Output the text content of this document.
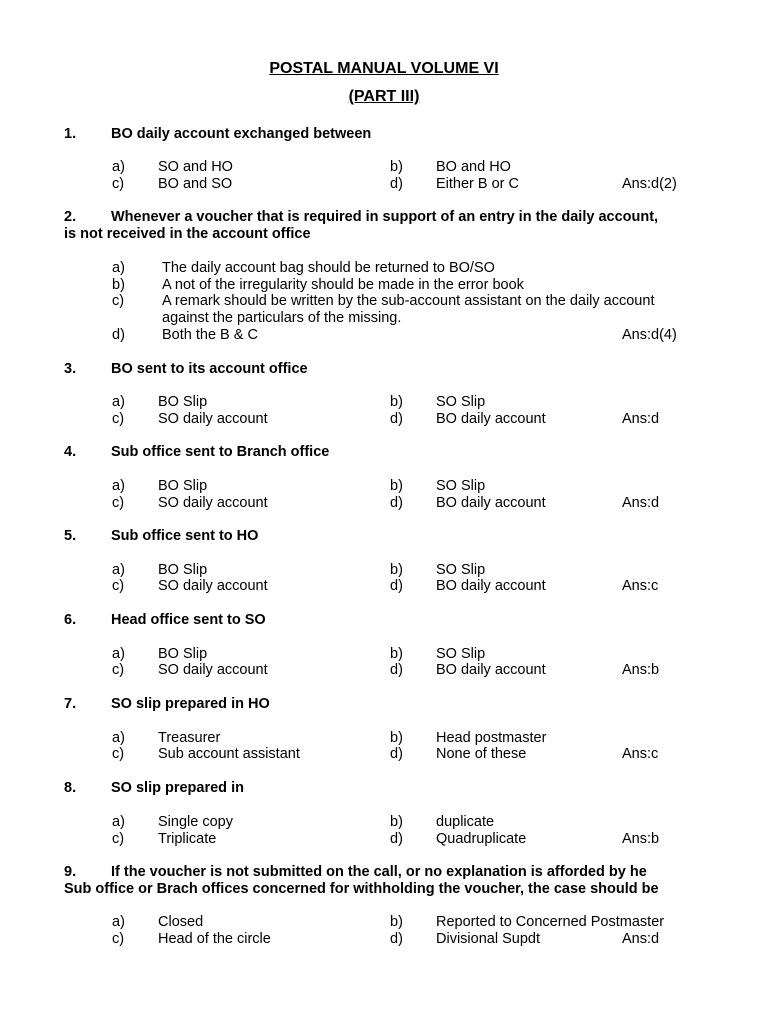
POSTAL MANUAL VOLUME VI
(PART III)
1. BO daily account exchanged between
a) SO and HO	b) BO and HO
c) BO and SO	d) Either B or C	Ans:d(2)
2. Whenever a voucher that is required in support of an entry in the daily account,
is not received in the account office
a)	The daily account bag should be returned to BO/SO
b)	A not of the irregularity should be made in the error book
c)	A remark should be written by the sub-account assistant on the daily account
against the particulars of the missing.
d)	Both the B & C	Ans:d(4)
3. BO sent to its account office
a) BO Slip	b) SO Slip
c) SO daily account	d) BO daily account	Ans:d
4. Sub office sent to Branch office
a) BO Slip	b) SO Slip
c) SO daily account	d) BO daily account	Ans:d
5. Sub office sent to HO
a) BO Slip	b) SO Slip
c) SO daily account	d) BO daily account	Ans:c
6. Head office sent to SO
a) BO Slip	b) SO Slip
c) SO daily account	d) BO daily account	Ans:b
7. SO slip prepared in HO
a) Treasurer	b) Head postmaster
c) Sub account assistant	d) None of these	Ans:c
8. SO slip prepared in
a) Single copy	b) duplicate
c) Triplicate	d) Quadruplicate	Ans:b
9. If the voucher is not submitted on the call, or no explanation is afforded by he
Sub office or Brach offices concerned for withholding the voucher, the case should be
a) Closed	b) Reported to Concerned Postmaster
c) Head of the circle	d) Divisional Supdt	Ans:d
